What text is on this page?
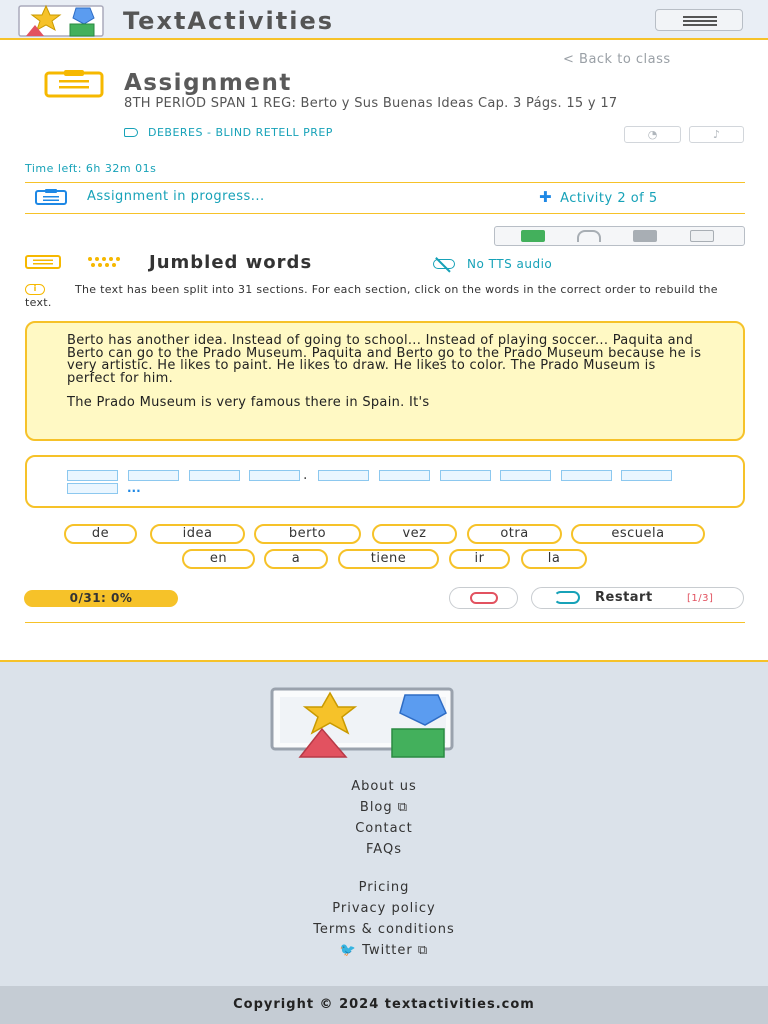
TextActivities
< Back to class
Assignment
8TH PERIOD SPAN 1 REG: Berto y Sus Buenas Ideas Cap. 3 Págs. 15 y 17
DEBERES - BLIND RETELL PREP	◔	♪
Time left: 6h 32m 01s
Assignment in progress...	✚ Activity 2 of 5
Jumbled words	No TTS audio
i	The text has been split into 31 sections. For each section, click on the words in the correct order to rebuild the text.

Berto has another idea. Instead of going to school... Instead of playing soccer... Paquita and Berto can go to the Prado Museum. Paquita and Berto go to the Prado Museum because he is very artistic. He likes to paint. He likes to draw. He likes to color. The Prado Museum is perfect for him.

The Prado Museum is very famous there in Spain. It's

.
...
de	idea	berto	vez	otra	escuela
en	a	tiene	ir	la
0/31: 0%	Restart	[1/3]
About us
Blog ⧉
Contact
FAQs
Pricing
Privacy policy
Terms & conditions
🐦 Twitter ⧉
Copyright © 2024 textactivities.com
